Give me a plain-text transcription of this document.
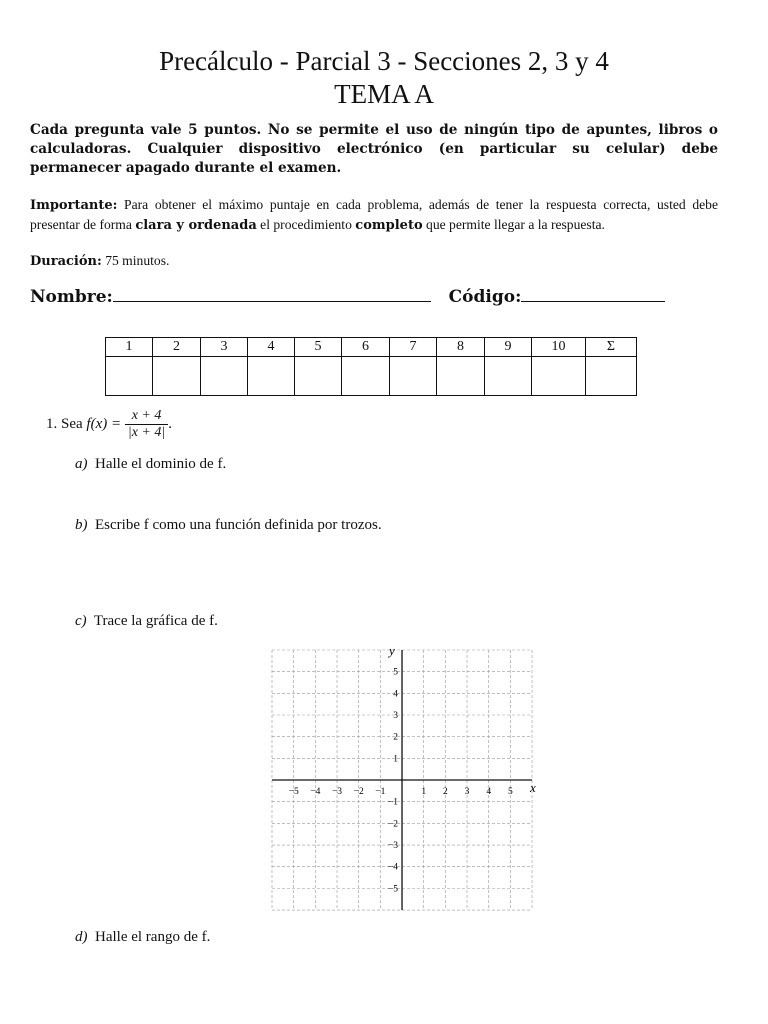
Precálculo - Parcial 3 - Secciones 2, 3 y 4
TEMA A
Cada pregunta vale 5 puntos. No se permite el uso de ningún tipo de apuntes, libros o calculadoras. Cualquier dispositivo electrónico (en particular su celular) debe permanecer apagado durante el examen.
Importante: Para obtener el máximo puntaje en cada problema, además de tener la respuesta correcta, usted debe presentar de forma clara y ordenada el procedimiento completo que permite llegar a la respuesta.
Duración: 75 minutos.
Nombre:	Código:
1	2	3	4	5	6	7	8	9	10	Σ

1. Sea $f(x) = \frac{x + 4}{|x + 4|}$ .
a) Halle el dominio de f.
b) Escribe f como una función definida por trozos.
c) Trace la gráfica de f.
d) Halle el rango de f.
x
y
−5 −4 −3 −2 −1	1 2 3 4 5
5
4
3
2
1
−1
−2
−3
−4
−5
